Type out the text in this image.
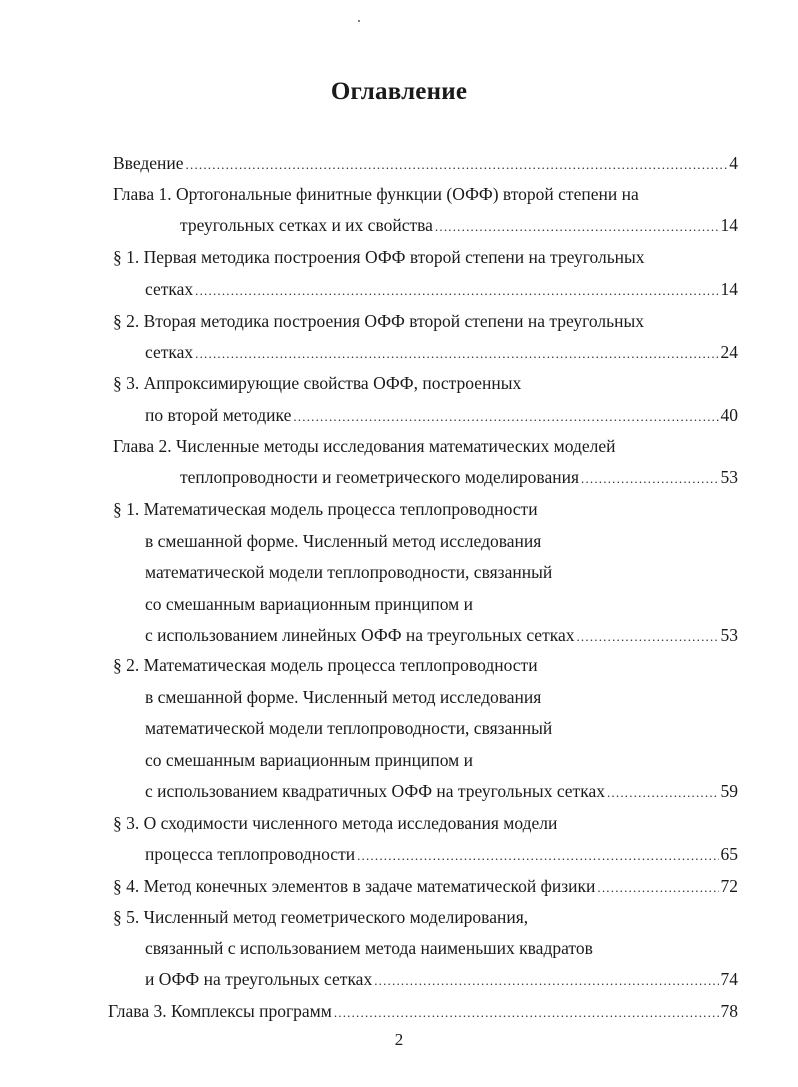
Оглавление
Введение .....	4
Глава 1. Ортогональные финитные функции (ОФФ) второй степени на
треугольных сетках и их свойства .....	14
§ 1. Первая методика построения ОФФ второй степени на треугольных
сетках .....	14
§ 2. Вторая методика построения ОФФ второй степени на треугольных
сетках .....	24
§ 3. Аппроксимирующие свойства ОФФ, построенных
по второй методике .....	40
Глава 2. Численные методы исследования математических моделей
теплопроводности и геометрического моделирования .....	53
§ 1. Математическая модель процесса теплопроводности
в смешанной форме. Численный метод исследования
математической модели теплопроводности, связанный
со смешанным вариационным принципом и
с использованием линейных ОФФ на треугольных сетках .....	53
§ 2. Математическая модель процесса теплопроводности
в смешанной форме. Численный метод исследования
математической модели теплопроводности, связанный
со смешанным вариационным принципом и
с использованием квадратичных ОФФ на треугольных сетках .....	59
§ 3. О сходимости численного метода исследования модели
процесса теплопроводности .....	65
§ 4. Метод конечных элементов в задаче математической физики .....	72
§ 5. Численный метод геометрического моделирования,
связанный с использованием метода наименьших квадратов
и ОФФ на треугольных сетках .....	74
Глава 3. Комплексы программ .....	78
2
